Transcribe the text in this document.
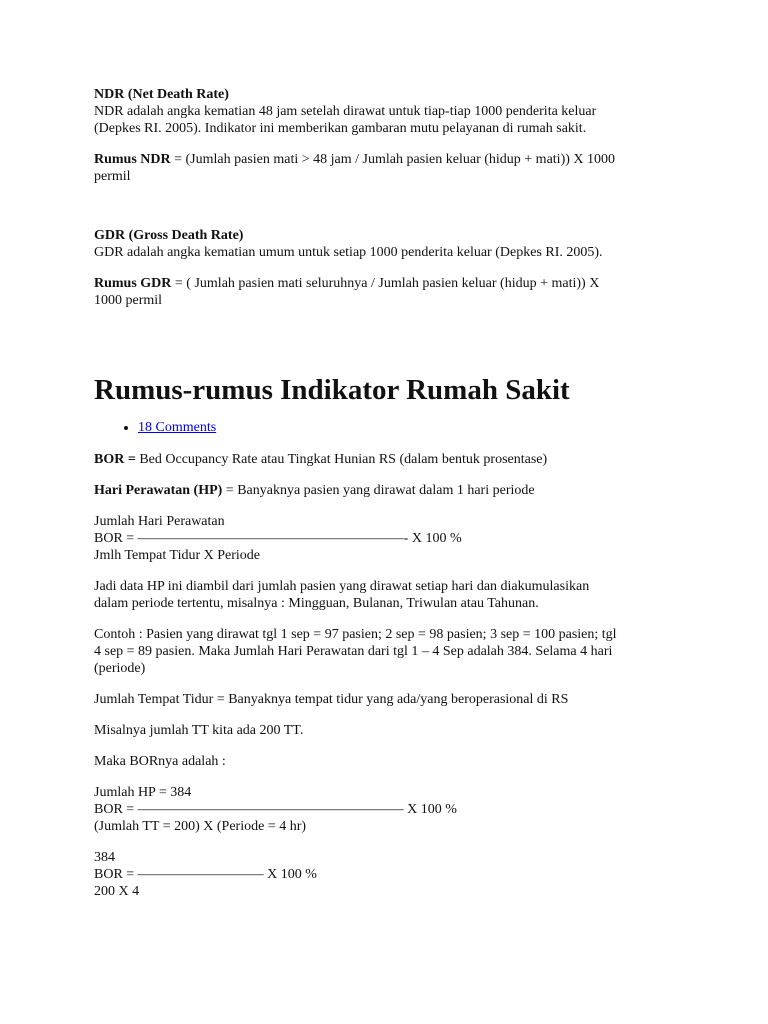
NDR (Net Death Rate)

NDR adalah angka kematian 48 jam setelah dirawat untuk tiap-tiap 1000 penderita keluar
(Depkes RI. 2005). Indikator ini memberikan gambaran mutu pelayanan di rumah sakit.

Rumus NDR = (Jumlah pasien mati > 48 jam / Jumlah pasien keluar (hidup + mati)) X 1000
permil

GDR (Gross Death Rate)

GDR adalah angka kematian umum untuk setiap 1000 penderita keluar (Depkes RI. 2005).

Rumus GDR = ( Jumlah pasien mati seluruhnya / Jumlah pasien keluar (hidup + mati)) X
1000 permil

Rumus-rumus Indikator Rumah Sakit
• 18 Comments

BOR = Bed Occupancy Rate atau Tingkat Hunian RS (dalam bentuk prosentase)

Hari Perawatan (HP) = Banyaknya pasien yang dirawat dalam 1 hari periode

Jumlah Hari Perawatan
BOR = ———————————————————- X 100 %
Jmlh Tempat Tidur X Periode

Jadi data HP ini diambil dari jumlah pasien yang dirawat setiap hari dan diakumulasikan
dalam periode tertentu, misalnya : Mingguan, Bulanan, Triwulan atau Tahunan.

Contoh : Pasien yang dirawat tgl 1 sep = 97 pasien; 2 sep = 98 pasien; 3 sep = 100 pasien; tgl
4 sep = 89 pasien. Maka Jumlah Hari Perawatan dari tgl 1 – 4 Sep adalah 384. Selama 4 hari
(periode)

Jumlah Tempat Tidur = Banyaknya tempat tidur yang ada/yang beroperasional di RS

Misalnya jumlah TT kita ada 200 TT.

Maka BORnya adalah :

Jumlah HP = 384
BOR = ——————————————————— X 100 %
(Jumlah TT = 200) X (Periode = 4 hr)

384
BOR = ————————— X 100 %
200 X 4
